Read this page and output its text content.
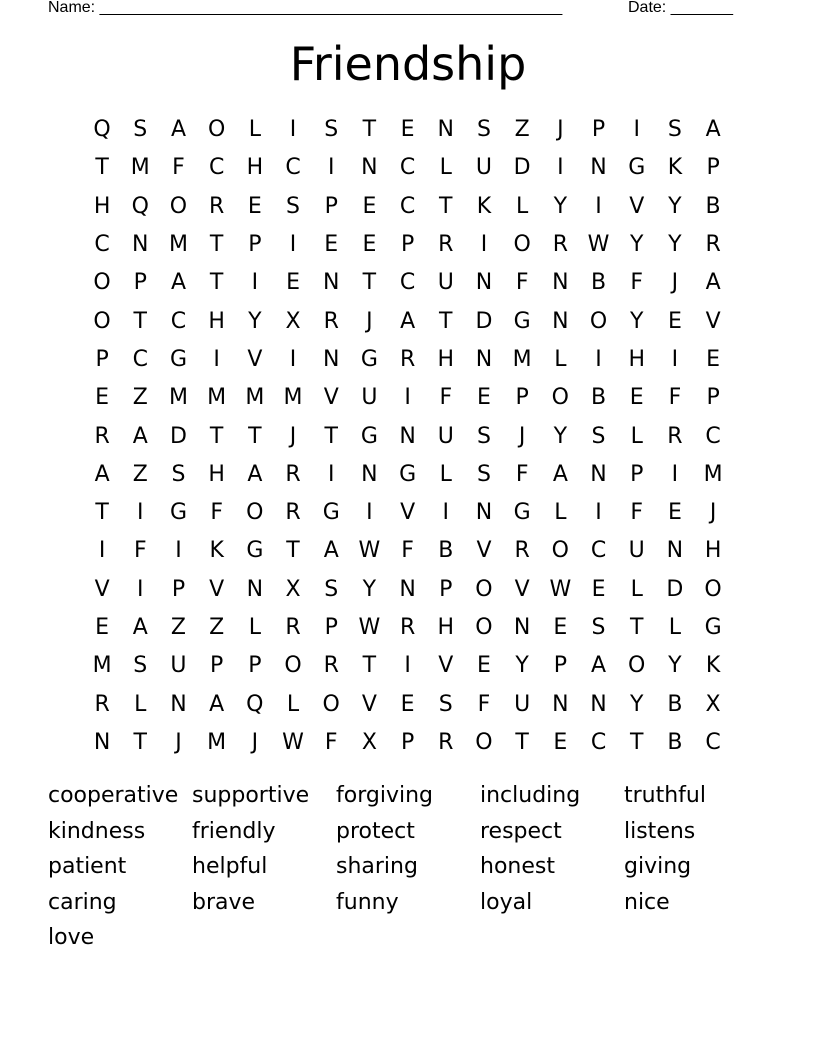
Name: ____________________________________________________	Date: _______
Friendship
Q	S	A O	L	I	S	T	E	N	S	Z	J	P	I	S	A
T M	F	C	H	C	I	N	C	L	U D	I	N G	K	P
H Q O R	E	S	P	E	C	T	K	L	Y	I	V	Y	B
C	N M T	P	I	E	E	P	R	I	O R W Y	Y	R
O	P	A	T	I	E	N	T	C	U N	F	N	B	F	J	A
O	T	C	H	Y	X	R	J	A	T	D G N O	Y	E	V
P	C G	I	V	I	N G	R	H N M	L	I	H	I	E
E	Z M M M M V	U	I	F	E	P	O B	E	F	P
R	A	D	T	T	J	T	G N U	S	J	Y	S	L	R	C
A	Z	S	H	A	R	I	N G	L	S	F	A	N	P	I	M
T	I	G	F	O R	G	I	V	I	N G	L	I	F	E	J
I	F	I	K	G	T	A W F	B	V	R O C	U N H
V	I	P	V	N	X	S	Y	N	P	O	V W E	L	D O
E	A	Z	Z	L	R	P W R	H O N	E	S	T	L	G
M S	U	P	P	O R	T	I	V	E	Y	P	A O	Y	K
R	L	N	A Q	L	O	V	E	S	F	U N N	Y	B	X
N	T	J	M	J	W F	X	P	R O	T	E	C	T	B	C
cooperative supportive	forgiving	including	truthful
kindness	friendly	protect	respect	listens
patient	helpful	sharing	honest	giving
caring	brave	funny	loyal	nice
love
